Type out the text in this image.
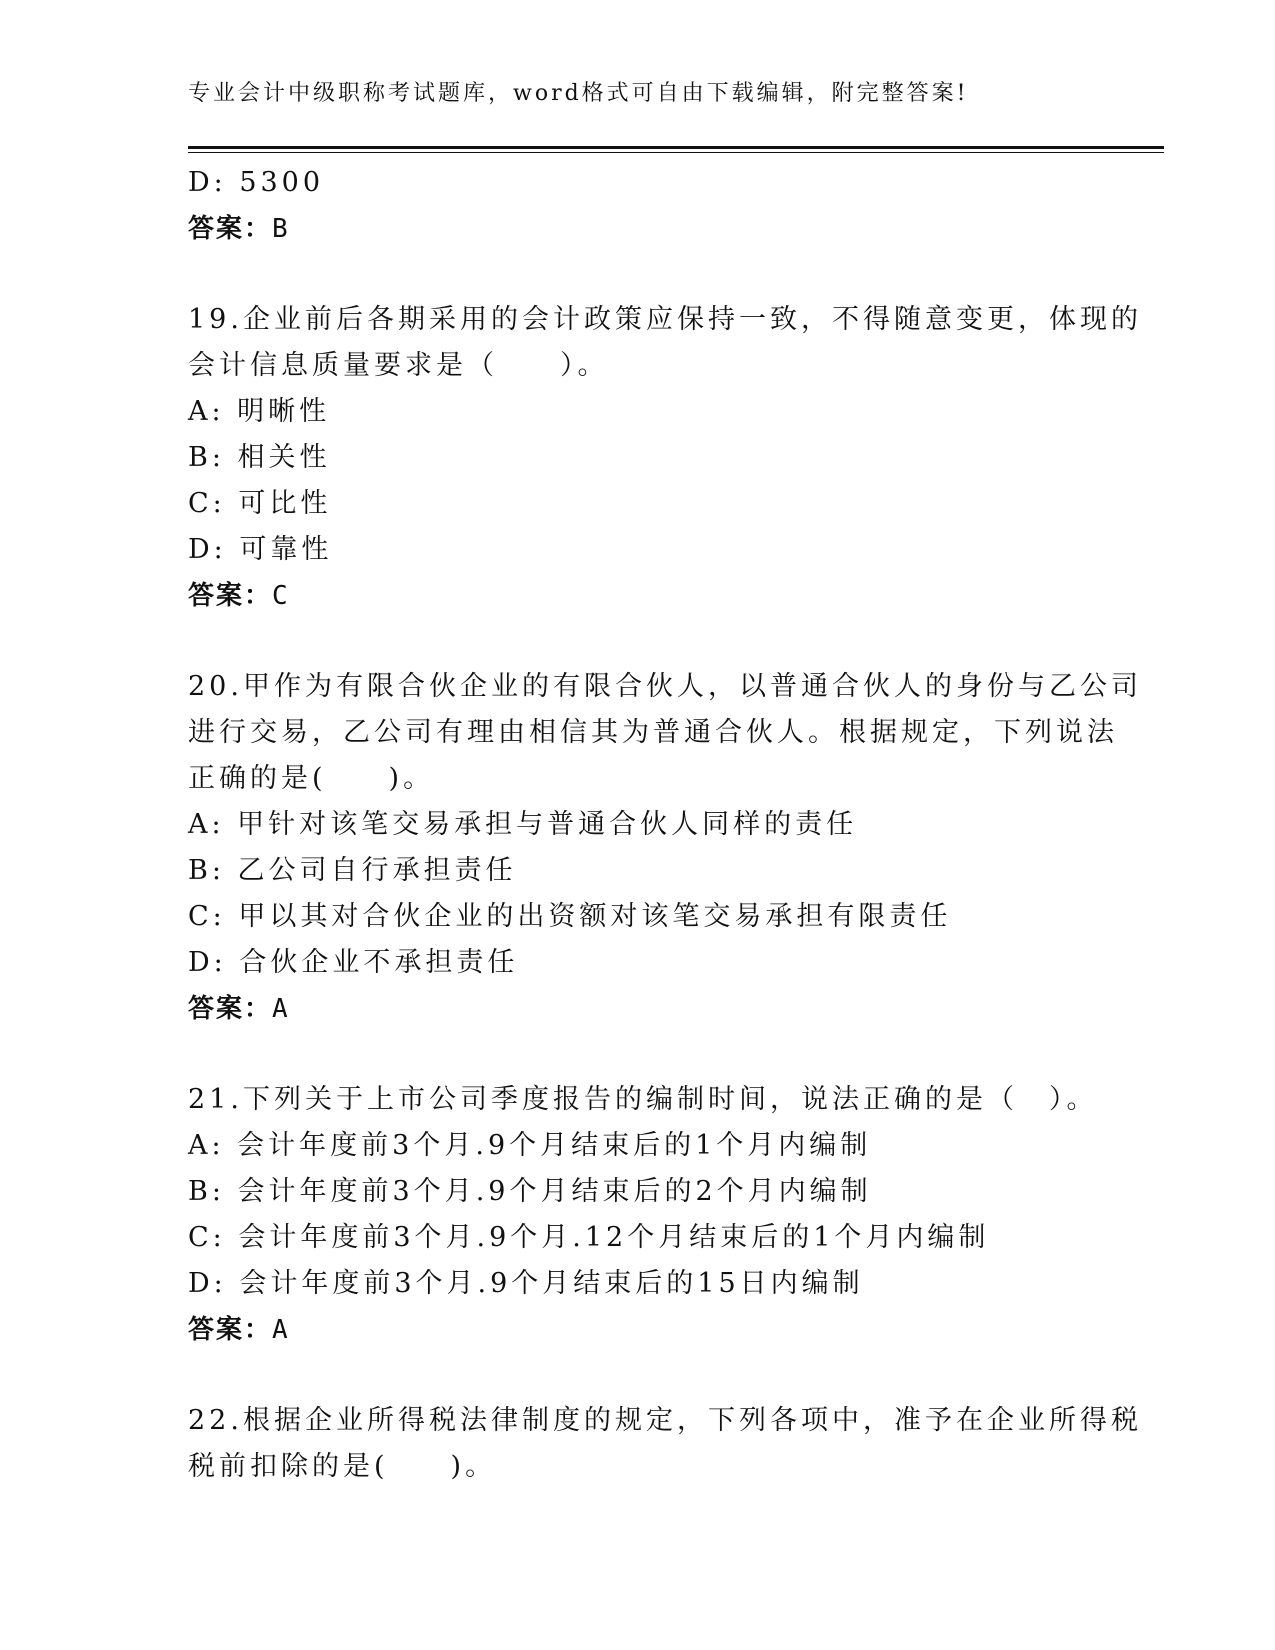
专业会计中级职称考试题库，word格式可自由下载编辑，附完整答案!
D: 5300
答案：B
19.企业前后各期采用的会计政策应保持一致，不得随意变更，体现的
会计信息质量要求是（　　）。
A: 明晰性
B: 相关性
C: 可比性
D: 可靠性
答案：C
20.甲作为有限合伙企业的有限合伙人，以普通合伙人的身份与乙公司
进行交易，乙公司有理由相信其为普通合伙人。根据规定，下列说法
正确的是(　　)。
A: 甲针对该笔交易承担与普通合伙人同样的责任
B: 乙公司自行承担责任
C: 甲以其对合伙企业的出资额对该笔交易承担有限责任
D: 合伙企业不承担责任
答案：A
21.下列关于上市公司季度报告的编制时间，说法正确的是（　）。
A: 会计年度前3个月.9个月结束后的1个月内编制
B: 会计年度前3个月.9个月结束后的2个月内编制
C: 会计年度前3个月.9个月.12个月结束后的1个月内编制
D: 会计年度前3个月.9个月结束后的15日内编制
答案：A
22.根据企业所得税法律制度的规定，下列各项中，准予在企业所得税
税前扣除的是(　　)。
